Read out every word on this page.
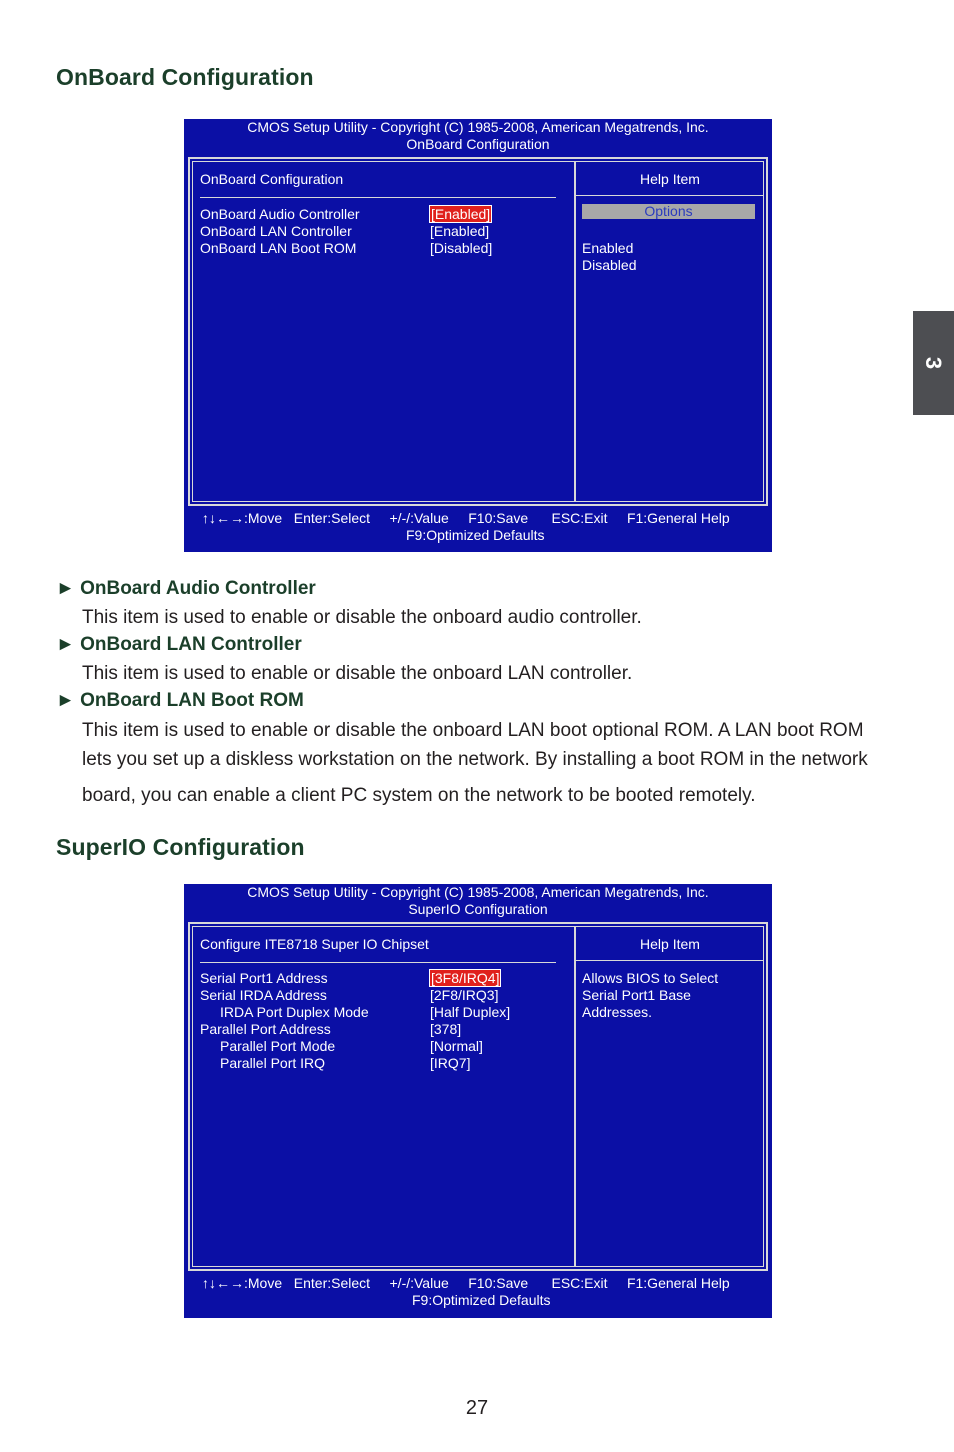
OnBoard Configuration
CMOS Setup Utility - Copyright (C) 1985-2008, American Megatrends, Inc.
OnBoard Configuration
OnBoard Configuration	Help Item
OnBoard Audio Controller	[Enabled]
OnBoard LAN Controller	[Enabled]
OnBoard LAN Boot ROM	[Disabled]
Options
Enabled
Disabled
↑↓←→:Move   Enter:Select     +/-/:Value     F10:Save      ESC:Exit     F1:General Help
F9:Optimized Defaults
► OnBoard Audio Controller

This item is used to enable or disable the onboard audio controller.

► OnBoard LAN Controller

This item is used to enable or disable the onboard LAN controller.

► OnBoard LAN Boot ROM

This item is used to enable or disable the onboard LAN boot optional ROM. A LAN boot ROM

lets you set up a diskless workstation on the network. By installing a boot ROM in the network

board, you can enable a client PC system on the network to be booted remotely.

SuperIO Configuration
CMOS Setup Utility - Copyright (C) 1985-2008, American Megatrends, Inc.
SuperIO Configuration
Configure ITE8718 Super IO Chipset	Help Item
Serial Port1 Address	[3F8/IRQ4]
Serial IRDA Address	[2F8/IRQ3]
IRDA Port Duplex Mode	[Half Duplex]
Parallel Port Address	[378]
Parallel Port Mode	[Normal]
Parallel Port IRQ	[IRQ7]
Allows BIOS to Select
Serial Port1 Base
Addresses.
↑↓←→:Move   Enter:Select     +/-/:Value     F10:Save      ESC:Exit     F1:General Help
F9:Optimized Defaults
3
27
